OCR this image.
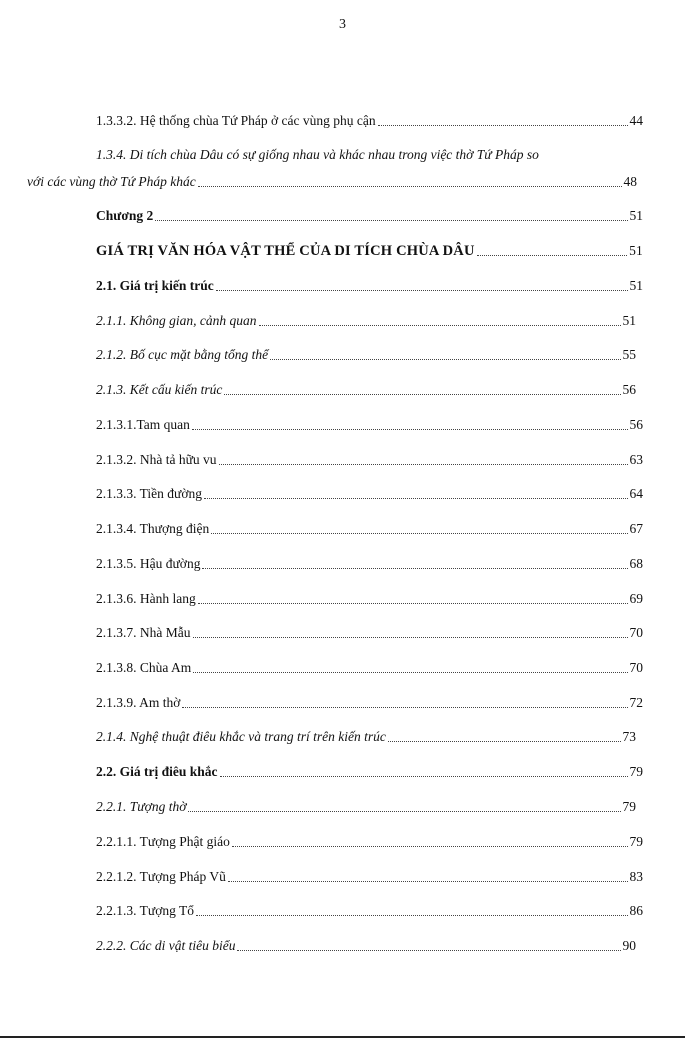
3
1.3.3.2. Hệ thống chùa Tứ Pháp ở các vùng phụ cận	44
1.3.4. Di tích chùa Dâu có sự giống nhau và khác nhau trong việc thờ Tứ Pháp so
với các vùng thờ Tứ Pháp khác	48
Chương 2	51
GIÁ TRỊ VĂN HÓA VẬT THỂ CỦA DI TÍCH CHÙA DÂU	51
2.1. Giá trị kiến trúc	51
2.1.1. Không gian, cảnh quan	51
2.1.2. Bố cục mặt bằng tổng thể	55
2.1.3. Kết cấu kiến trúc	56
2.1.3.1.Tam quan	56
2.1.3.2. Nhà tả hữu vu	63
2.1.3.3. Tiền đường	64
2.1.3.4. Thượng điện	67
2.1.3.5. Hậu đường	68
2.1.3.6. Hành lang	69
2.1.3.7. Nhà Mẫu	70
2.1.3.8. Chùa Am	70
2.1.3.9. Am thờ	72
2.1.4. Nghệ thuật điêu khắc và trang trí trên kiến trúc	73
2.2. Giá trị điêu khắc	79
2.2.1. Tượng thờ	79
2.2.1.1. Tượng Phật giáo	79
2.2.1.2. Tượng Pháp Vũ	83
2.2.1.3. Tượng Tổ	86
2.2.2. Các di vật tiêu biểu	90
